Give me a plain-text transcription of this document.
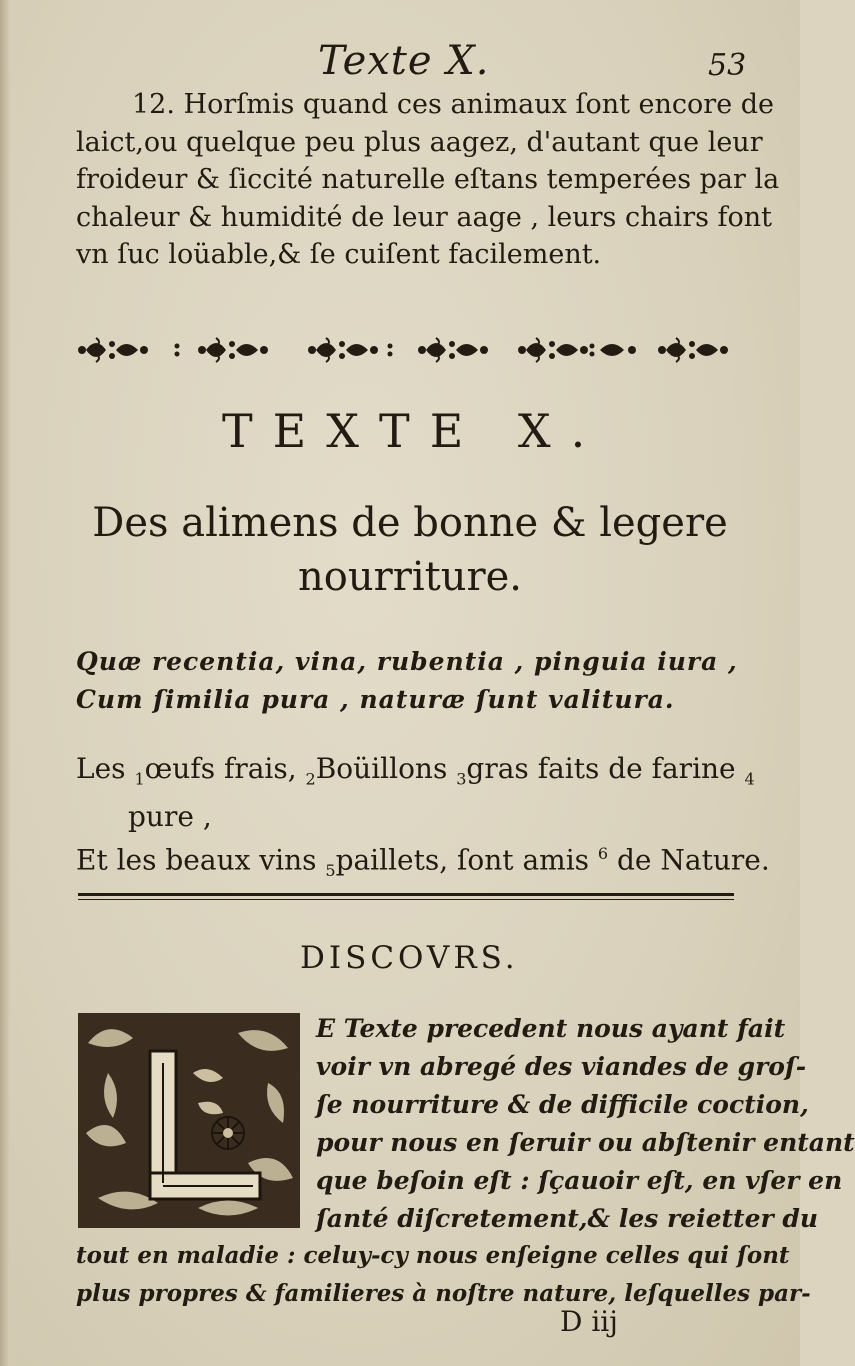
Texte X.	53
12. Horſmis quand ces animaux ſont encore de
laict,ou quelque peu plus aagez, d'autant que leur
froideur & ſiccité naturelle eſtans temperées par la
chaleur & humidité de leur aage , leurs chairs font
vn ſuc loüable,& ſe cuiſent facilement.
TEXTE X.
Des alimens de bonne & legere
nourriture.
Quæ recentia, vina, rubentia , pinguia iura ,
Cum ſimilia pura , naturæ ſunt valitura.
Les $_1$œufs frais, $_2$Boüillons $_3$gras faits de farine $_4$
pure ,
Et les beaux vins $_5$paillets, ſont amis $^6$ de Nature.
DISCOVRS.
E Texte precedent nous ayant fait
voir vn abregé des viandes de groſ-
ſe nourriture & de difficile coction,
pour nous en ſeruir ou abſtenir entant
que beſoin eſt : ſçauoir eſt, en vſer en
ſanté diſcretement,& les reietter du
tout en maladie : celuy-cy nous enſeigne celles qui ſont
plus propres & familieres à noſtre nature, leſquelles par-
D iij
